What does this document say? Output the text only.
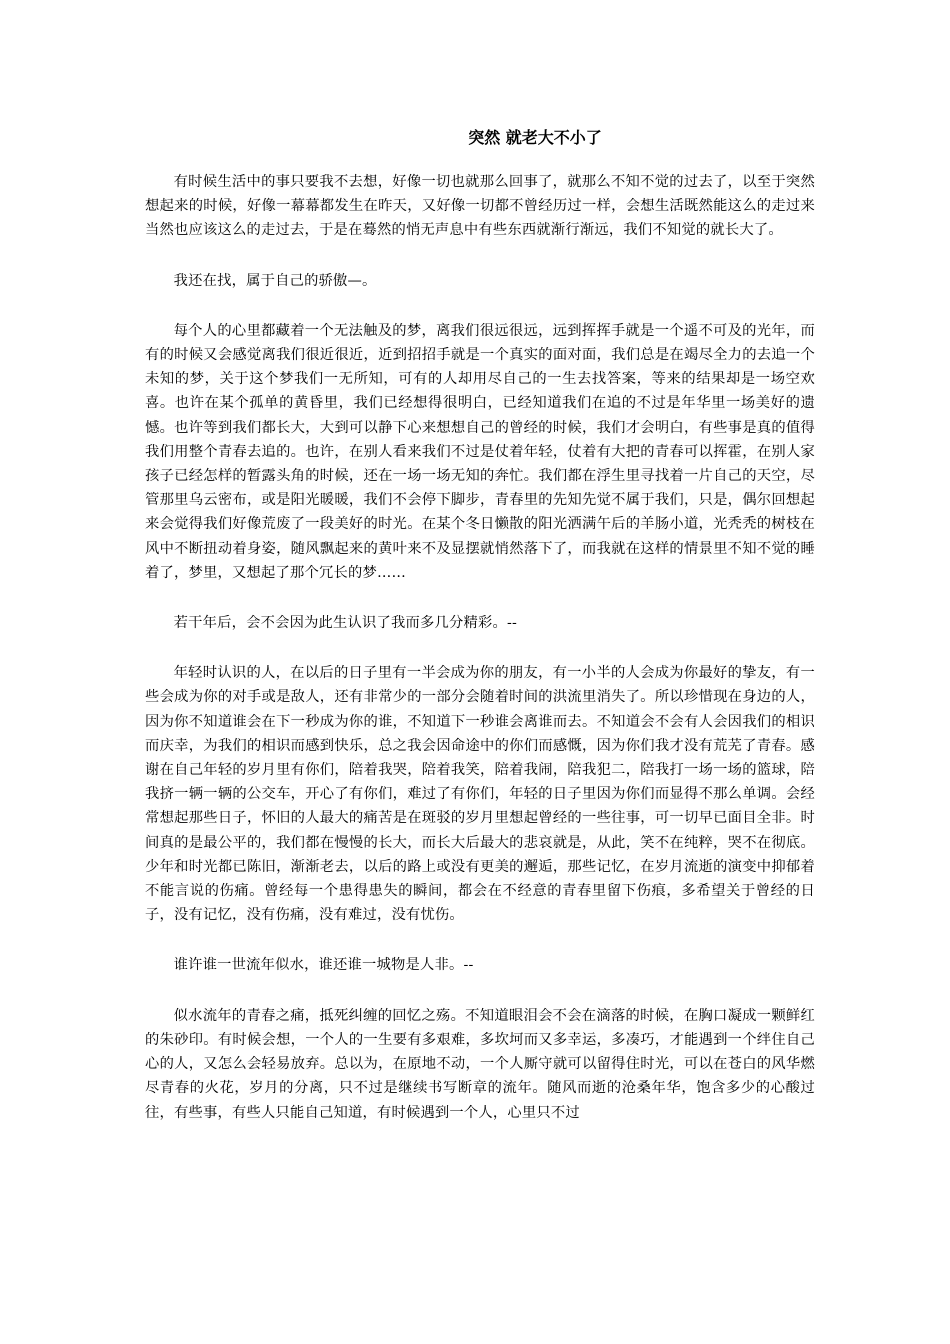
突然 就老大不小了

有时候生活中的事只要我不去想，好像一切也就那么回事了，就那么不知不觉的过去了，以至于突然想起来的时候，好像一幕幕都发生在昨天，又好像一切都不曾经历过一样，会想生活既然能这么的走过来当然也应该这么的走过去，于是在蓦然的悄无声息中有些东西就渐行渐远，我们不知觉的就长大了。

我还在找，属于自己的骄傲—。

每个人的心里都藏着一个无法触及的梦，离我们很远很远，远到挥挥手就是一个遥不可及的光年，而有的时候又会感觉离我们很近很近，近到招招手就是一个真实的面对面，我们总是在竭尽全力的去追一个未知的梦，关于这个梦我们一无所知，可有的人却用尽自己的一生去找答案，等来的结果却是一场空欢喜。也许在某个孤单的黄昏里，我们已经想得很明白，已经知道我们在追的不过是年华里一场美好的遗憾。也许等到我们都长大，大到可以静下心来想想自己的曾经的时候，我们才会明白，有些事是真的值得我们用整个青春去追的。也许，在别人看来我们不过是仗着年轻，仗着有大把的青春可以挥霍，在别人家孩子已经怎样的暂露头角的时候，还在一场一场无知的奔忙。我们都在浮生里寻找着一片自己的天空，尽管那里乌云密布，或是阳光暖暖，我们不会停下脚步，青春里的先知先觉不属于我们，只是，偶尔回想起来会觉得我们好像荒废了一段美好的时光。在某个冬日懒散的阳光洒满午后的羊肠小道，光秃秃的树枝在风中不断扭动着身姿，随风飘起来的黄叶来不及显摆就悄然落下了，而我就在这样的情景里不知不觉的睡着了，梦里，又想起了那个冗长的梦……

若干年后，会不会因为此生认识了我而多几分精彩。--

年轻时认识的人，在以后的日子里有一半会成为你的朋友，有一小半的人会成为你最好的挚友，有一些会成为你的对手或是敌人，还有非常少的一部分会随着时间的洪流里消失了。所以珍惜现在身边的人，因为你不知道谁会在下一秒成为你的谁，不知道下一秒谁会离谁而去。不知道会不会有人会因我们的相识而庆幸，为我们的相识而感到快乐，总之我会因命途中的你们而感慨，因为你们我才没有荒芜了青春。感谢在自己年轻的岁月里有你们，陪着我哭，陪着我笑，陪着我闹，陪我犯二，陪我打一场一场的篮球，陪我挤一辆一辆的公交车，开心了有你们，难过了有你们，年轻的日子里因为你们而显得不那么单调。会经常想起那些日子，怀旧的人最大的痛苦是在斑驳的岁月里想起曾经的一些往事，可一切早已面目全非。时间真的是最公平的，我们都在慢慢的长大，而长大后最大的悲哀就是，从此，笑不在纯粹，哭不在彻底。少年和时光都已陈旧，渐渐老去，以后的路上或没有更美的邂逅，那些记忆，在岁月流逝的演变中抑郁着不能言说的伤痛。曾经每一个患得患失的瞬间，都会在不经意的青春里留下伤痕，多希望关于曾经的日子，没有记忆，没有伤痛，没有难过，没有忧伤。

谁许谁一世流年似水，谁还谁一城物是人非。--

似水流年的青春之痛，抵死纠缠的回忆之殇。不知道眼泪会不会在滴落的时候，在胸口凝成一颗鲜红的朱砂印。有时候会想，一个人的一生要有多艰难，多坎坷而又多幸运，多凑巧，才能遇到一个绊住自己心的人，又怎么会轻易放弃。总以为，在原地不动，一个人厮守就可以留得住时光，可以在苍白的风华燃尽青春的火花，岁月的分离，只不过是继续书写断章的流年。随风而逝的沧桑年华，饱含多少的心酸过往，有些事，有些人只能自己知道，有时候遇到一个人，心里只不过
